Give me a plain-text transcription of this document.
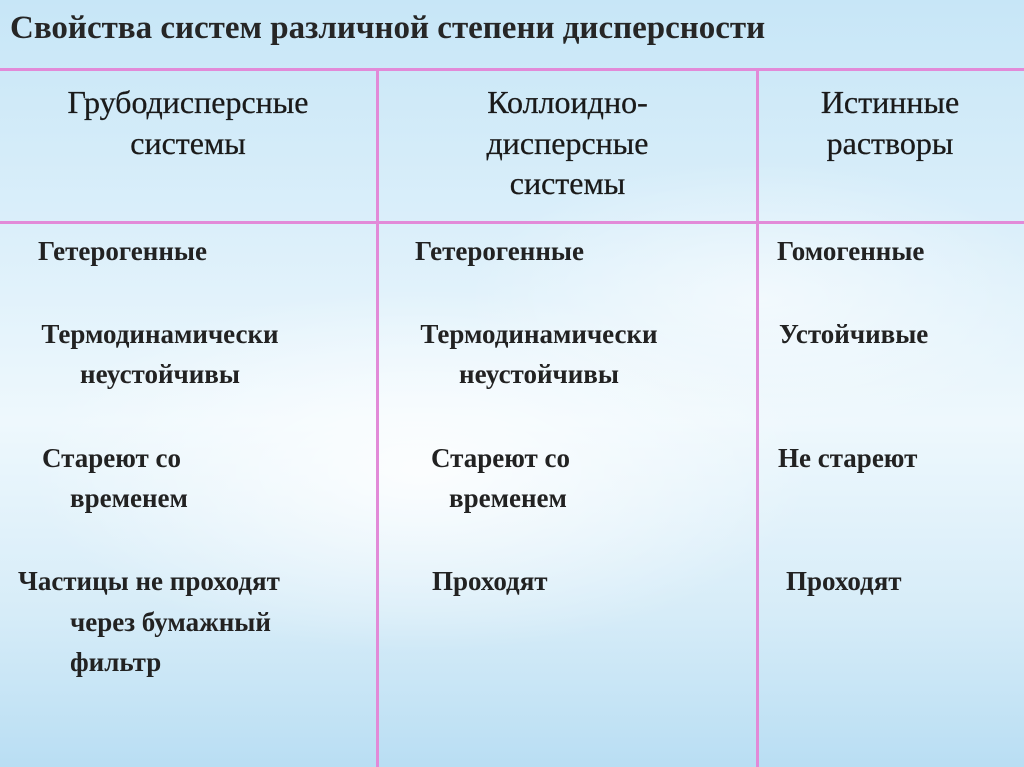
Свойства систем различной степени дисперсности
Грубодисперсные
системы
Коллоидно-
дисперсные
системы
Истинные
растворы
Гетерогенные
Термодинамически
неустойчивы
Стареют со
временем
Частицы не проходят
через бумажный
фильтр
Гетерогенные
Термодинамически
неустойчивы
Стареют со
временем
Проходят
Гомогенные
Устойчивые
Не стареют
Проходят
